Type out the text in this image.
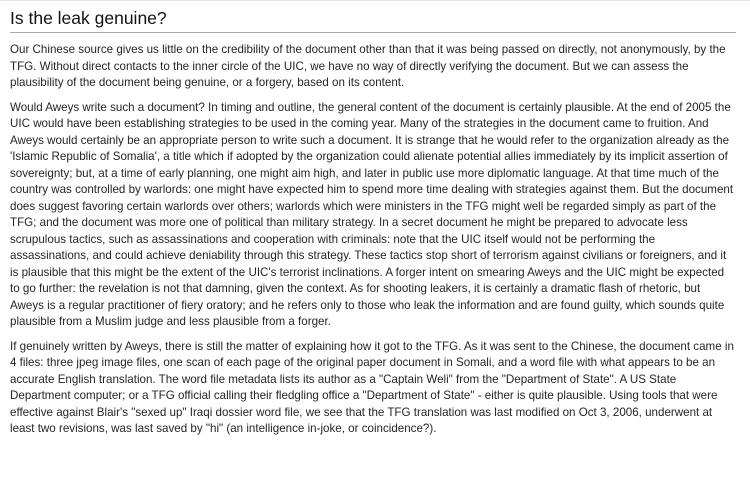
Is the leak genuine?

Our Chinese source gives us little on the credibility of the document other than that it was being passed on directly, not anonymously, by the TFG. Without direct contacts to the inner circle of the UIC, we have no way of directly verifying the document. But we can assess the plausibility of the document being genuine, or a forgery, based on its content.

Would Aweys write such a document? In timing and outline, the general content of the document is certainly plausible. At the end of 2005 the UIC would have been establishing strategies to be used in the coming year. Many of the strategies in the document came to fruition. And Aweys would certainly be an appropriate person to write such a document. It is strange that he would refer to the organization already as the 'Islamic Republic of Somalia', a title which if adopted by the organization could alienate potential allies immediately by its implicit assertion of sovereignty; but, at a time of early planning, one might aim high, and later in public use more diplomatic language. At that time much of the country was controlled by warlords: one might have expected him to spend more time dealing with strategies against them. But the document does suggest favoring certain warlords over others; warlords which were ministers in the TFG might well be regarded simply as part of the TFG; and the document was more one of political than military strategy. In a secret document he might be prepared to advocate less scrupulous tactics, such as assassinations and cooperation with criminals: note that the UIC itself would not be performing the assassinations, and could achieve deniability through this strategy. These tactics stop short of terrorism against civilians or foreigners, and it is plausible that this might be the extent of the UIC's terrorist inclinations. A forger intent on smearing Aweys and the UIC might be expected to go further: the revelation is not that damning, given the context. As for shooting leakers, it is certainly a dramatic flash of rhetoric, but Aweys is a regular practitioner of fiery oratory; and he refers only to those who leak the information and are found guilty, which sounds quite plausible from a Muslim judge and less plausible from a forger.

If genuinely written by Aweys, there is still the matter of explaining how it got to the TFG. As it was sent to the Chinese, the document came in 4 files: three jpeg image files, one scan of each page of the original paper document in Somali, and a word file with what appears to be an accurate English translation. The word file metadata lists its author as a "Captain Weli" from the "Department of State". A US State Department computer; or a TFG official calling their fledgling office a "Department of State" - either is quite plausible. Using tools that were effective against Blair's "sexed up" Iraqi dossier word file, we see that the TFG translation was last modified on Oct 3, 2006, underwent at least two revisions, was last saved by "hi" (an intelligence in-joke, or coincidence?).
